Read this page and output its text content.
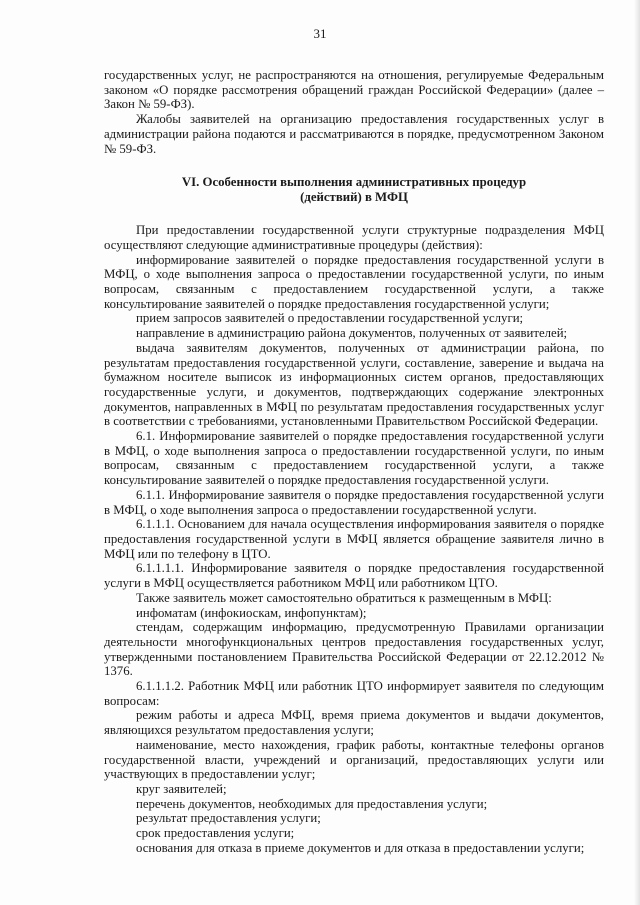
31

государственных услуг, не распространяются на отношения, регулируемые Федеральным законом «О порядке рассмотрения обращений граждан Российской Федерации» (далее – Закон № 59-ФЗ).

Жалобы заявителей на организацию предоставления государственных услуг в администрации района подаются и рассматриваются в порядке, предусмотренном Законом № 59-ФЗ.

VI. Особенности выполнения административных процедур
(действий) в МФЦ

При предоставлении государственной услуги структурные подразделения МФЦ осуществляют следующие административные процедуры (действия):

информирование заявителей о порядке предоставления государственной услуги в МФЦ, о ходе выполнения запроса о предоставлении государственной услуги, по иным вопросам, связанным с предоставлением государственной услуги, а также консультирование заявителей о порядке предоставления государственной услуги;

прием запросов заявителей о предоставлении государственной услуги;

направление в администрацию района документов, полученных от заявителей;

выдача заявителям документов, полученных от администрации района, по результатам предоставления государственной услуги, составление, заверение и выдача на бумажном носителе выписок из информационных систем органов, предоставляющих государственные услуги, и документов, подтверждающих содержание электронных документов, направленных в МФЦ по результатам предоставления государственных услуг в соответствии с требованиями, установленными Правительством Российской Федерации.

6.1. Информирование заявителей о порядке предоставления государственной услуги в МФЦ, о ходе выполнения запроса о предоставлении государственной услуги, по иным вопросам, связанным с предоставлением государственной услуги, а также консультирование заявителей о порядке предоставления государственной услуги.

6.1.1. Информирование заявителя о порядке предоставления государственной услуги в МФЦ, о ходе выполнения запроса о предоставлении государственной услуги.

6.1.1.1. Основанием для начала осуществления информирования заявителя о порядке предоставления государственной услуги в МФЦ является обращение заявителя лично в МФЦ или по телефону в ЦТО.

6.1.1.1.1. Информирование заявителя о порядке предоставления государственной услуги в МФЦ осуществляется работником МФЦ или работником ЦТО.

Также заявитель может самостоятельно обратиться к размещенным в МФЦ:

инфоматам (инфокиоскам, инфопунктам);

стендам, содержащим информацию, предусмотренную Правилами организации деятельности многофункциональных центров предоставления государственных услуг, утвержденными постановлением Правительства Российской Федерации от 22.12.2012 № 1376.

6.1.1.1.2. Работник МФЦ или работник ЦТО информирует заявителя по следующим вопросам:

режим работы и адреса МФЦ, время приема документов и выдачи документов, являющихся результатом предоставления услуги;

наименование, место нахождения, график работы, контактные телефоны органов государственной власти, учреждений и организаций, предоставляющих услуги или участвующих в предоставлении услуг;

круг заявителей;

перечень документов, необходимых для предоставления услуги;

результат предоставления услуги;

срок предоставления услуги;

основания для отказа в приеме документов и для отказа в предоставлении услуги;
